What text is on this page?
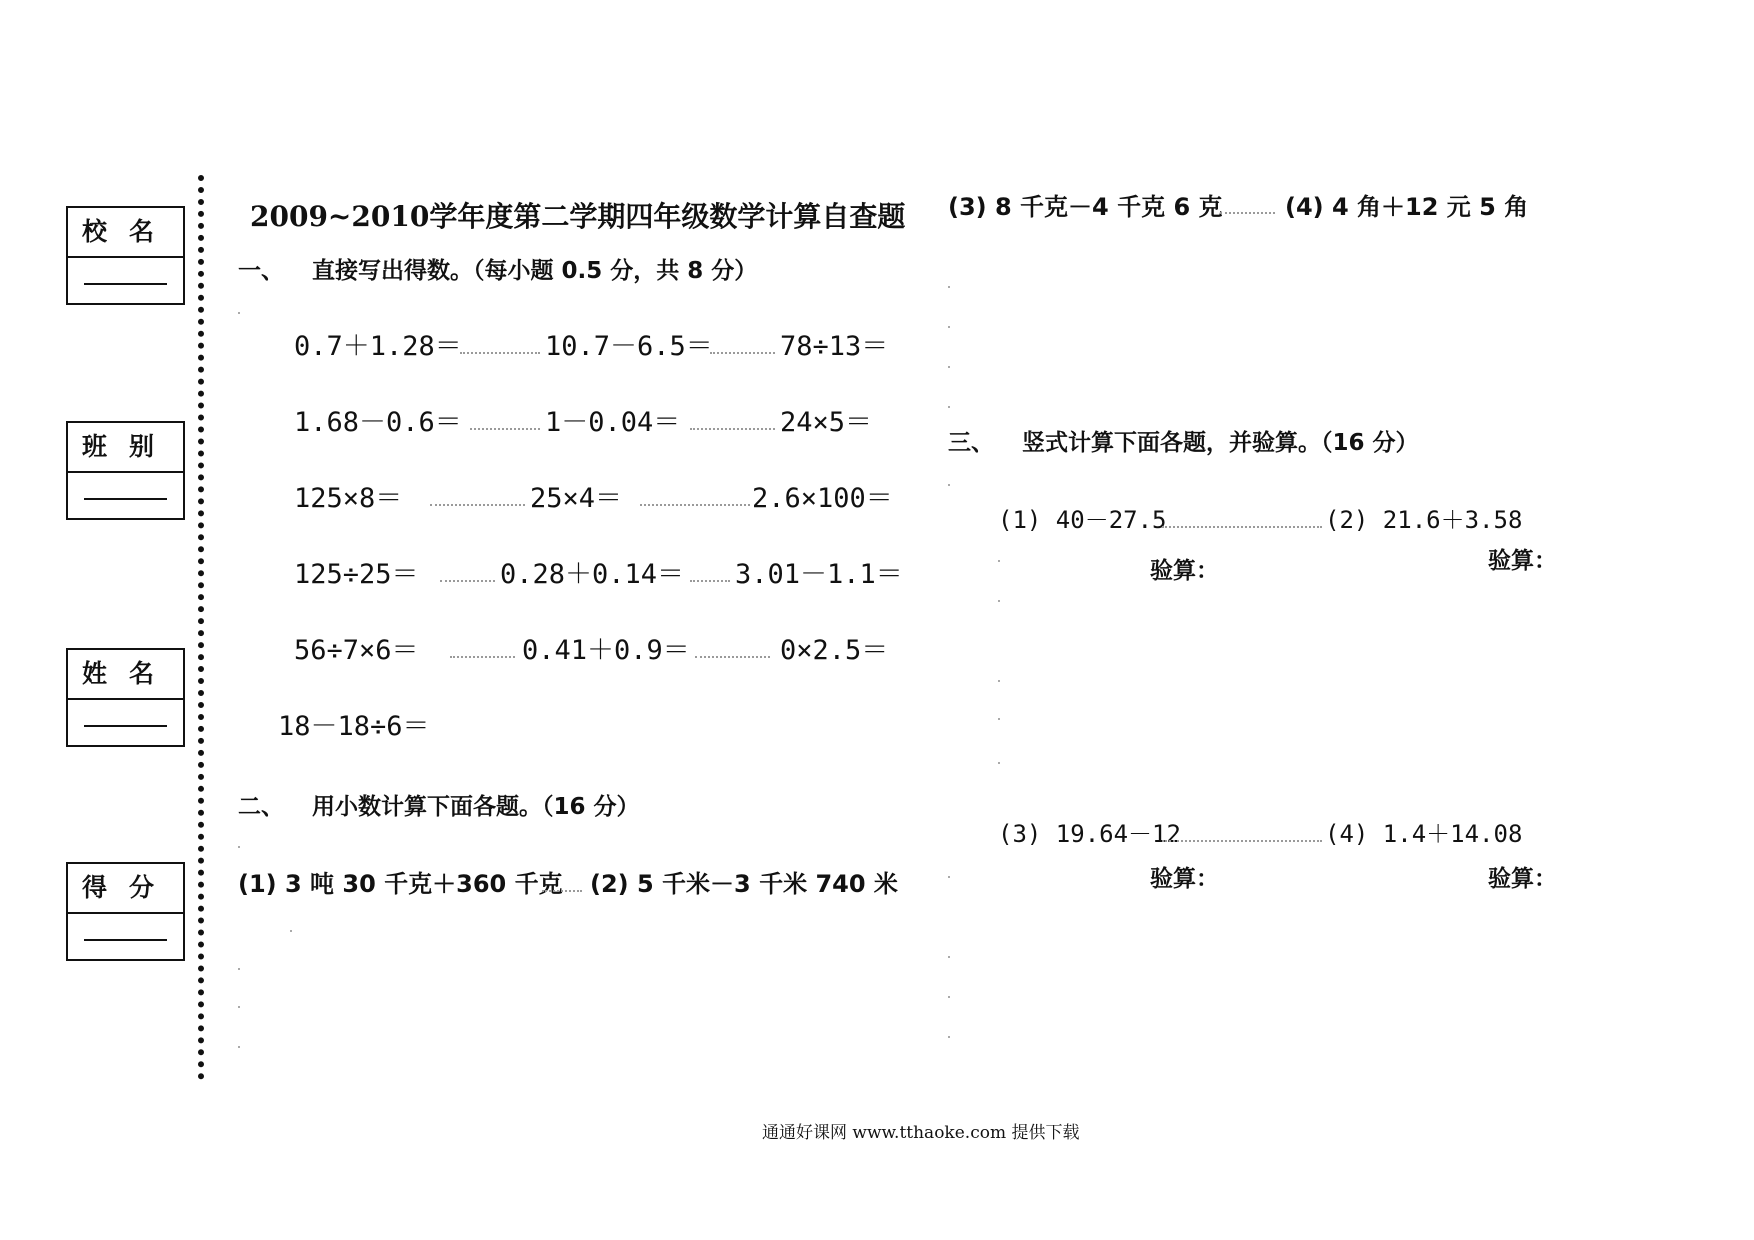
校名
班别
姓名
得分
2009~2010学年度第二学期四年级数学计算自查题
一、 直接写出得数。（每小题 0.5 分，共 8 分）
0.7＋1.28＝	10.7－6.5＝ 78÷13＝
1.68－0.6＝	1－0.04＝	24×5＝
125×8＝	25×4＝	2.6×100＝
125÷25＝	0.28＋0.14＝ 3.01－1.1＝
56÷7×6＝	0.41＋0.9＝	0×2.5＝
18－18÷6＝
二、 用小数计算下面各题。（16 分）
(1) 3 吨 30 千克＋360 千克 (2) 5 千米－3 千米 740 米
(3) 8 千克－4 千克 6 克	(4) 4 角＋12 元 5 角
三、 竖式计算下面各题，并验算。（16 分）
(1) 40－27.5	(2) 21.6＋3.58
验算：	验算：
(3) 19.64－12	(4) 1.4＋14.08
验算：	验算：
通通好课网 www.tthaoke.com 提供下载
